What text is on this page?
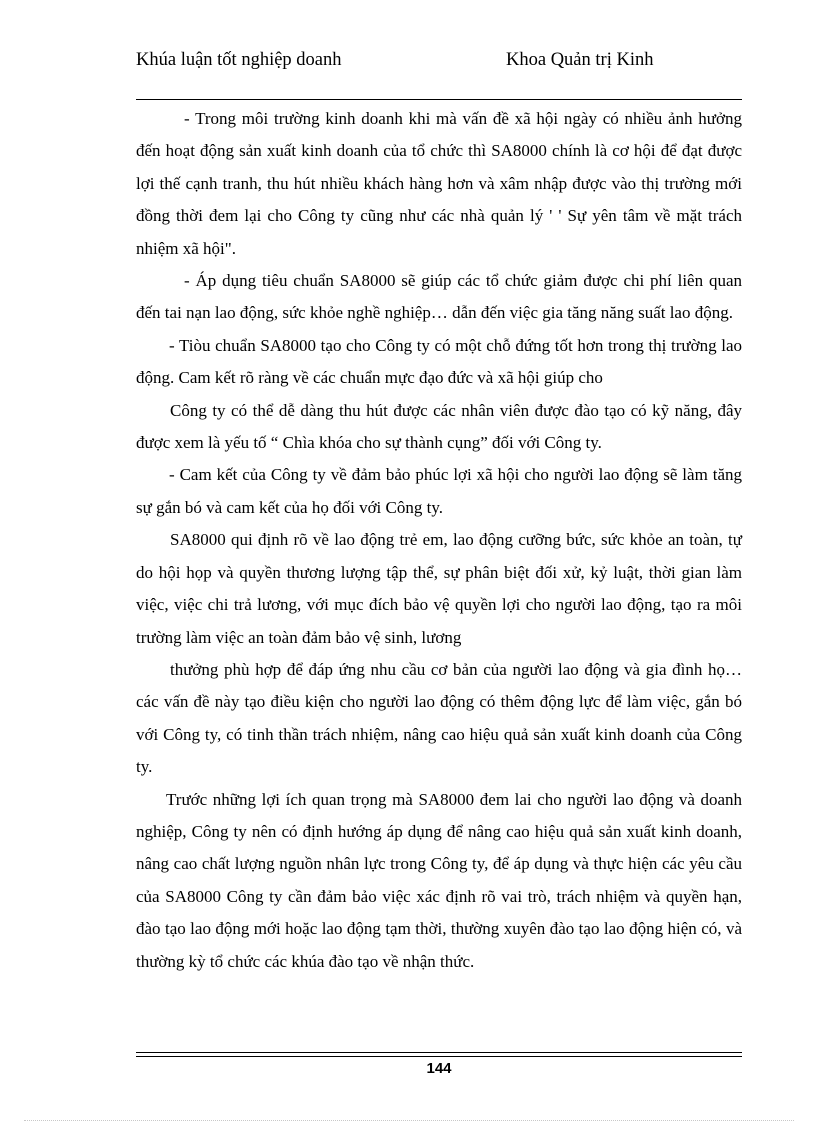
Khúa luận tốt nghiệp doanh	Khoa Quản trị Kinh

- Trong môi trường kinh doanh khi mà vấn đề xã hội ngày có nhiều ảnh hưởng đến hoạt động sản xuất kinh doanh của tổ chức thì SA8000 chính là cơ hội để đạt được lợi thế cạnh tranh, thu hút nhiều khách hàng hơn và xâm nhập được vào thị trường mới đồng thời đem lại cho Công ty cũng như các nhà quản lý ' ' Sự yên tâm về mặt trách nhiệm xã hội".

- Áp dụng tiêu chuẩn SA8000 sẽ giúp các tổ chức giảm được chi phí liên quan đến tai nạn lao động, sức khỏe nghề nghiệp… dẫn đến việc gia tăng năng suất lao động.

- Tiòu chuẩn SA8000 tạo cho Công ty có một chỗ đứng tốt hơn trong thị trường lao động. Cam kết rõ ràng về các chuẩn mực đạo đức và xã hội giúp cho

Công ty có thể dễ dàng thu hút được các nhân viên được đào tạo có kỹ năng, đây được xem là yếu tố “ Chìa khóa cho sự thành cụng” đối với Công ty.

- Cam kết của Công ty về đảm bảo phúc lợi xã hội cho người lao động sẽ làm tăng sự gắn bó và cam kết của họ đối với Công ty.

SA8000 qui định rõ về lao động trẻ em, lao động cưỡng bức, sức khỏe an toàn, tự do hội họp và quyền thương lượng tập thể, sự phân biệt đối xử, kỷ luật, thời gian làm việc, việc chi trả lương, với mục đích bảo vệ quyền lợi cho người lao động, tạo ra môi trường làm việc an toàn đảm bảo vệ sinh, lương

thưởng phù hợp để đáp ứng nhu cầu cơ bản của người lao động và gia đình họ… các vấn đề này tạo điều kiện cho người lao động có thêm động lực để làm việc, gắn bó với Công ty, có tinh thần trách nhiệm, nâng cao hiệu quả sản xuất kinh doanh của Công ty.

Trước những lợi ích quan trọng mà SA8000 đem lai cho người lao động và doanh nghiệp, Công ty nên có định hướng áp dụng để nâng cao hiệu quả sản xuất kinh doanh, nâng cao chất lượng nguồn nhân lực trong Công ty, để áp dụng và thực hiện các yêu cầu của SA8000 Công ty cần đảm bảo việc xác định rõ vai trò, trách nhiệm và quyền hạn, đào tạo lao động mới hoặc lao động tạm thời, thường xuyên đào tạo lao động hiện có, và thường kỳ tổ chức các khúa đào tạo về nhận thức.

144
